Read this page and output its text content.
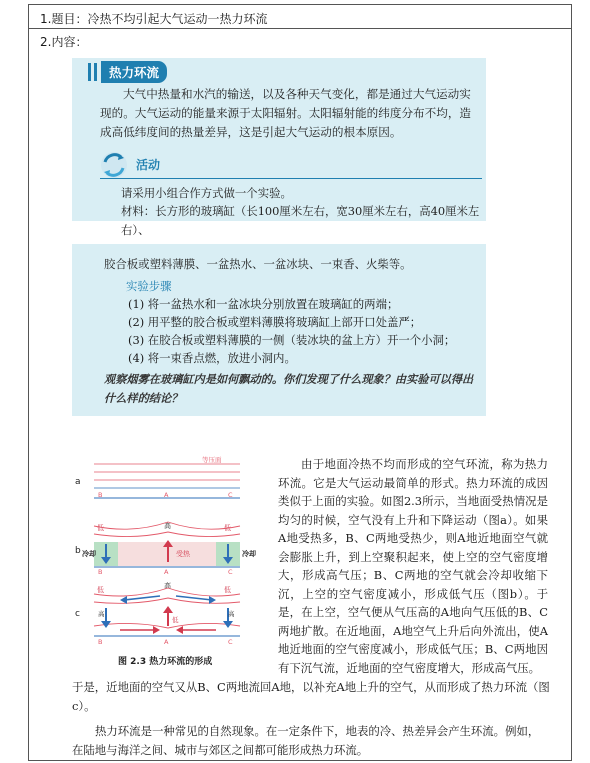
1.题目：冷热不均引起大气运动一热力环流
2.内容：
热力环流
大气中热量和水汽的输送，以及各种天气变化，都是通过大气运动实现的。大气运动的能量来源于太阳辐射。太阳辐射能的纬度分布不均，造成高低纬度间的热量差异，这是引起大气运动的根本原因。
活动
请采用小组合作方式做一个实验。
材料：长方形的玻璃缸（长100厘米左右，宽30厘米左右，高40厘米左右）、
胶合板或塑料薄膜、一盆热水、一盆冰块、一束香、火柴等。
实验步骤
(1) 将一盆热水和一盆冰块分别放置在玻璃缸的两端；
(2) 用平整的胶合板或塑料薄膜将玻璃缸上部开口处盖严；
(3) 在胶合板或塑料薄膜的一侧（装冰块的盆上方）开一个小洞；
(4) 将一束香点燃，放进小洞内。
观察烟雾在玻璃缸内是如何飘动的。你们发现了什么现象？由实验可以得出什么样的结论？
a
等压面
B	A	C
b
低	高	低
冷却	受热	冷却
B	A	C
c
低	高	低
高	高
低
B	A	C
图 2.3 热力环流的形成
由于地面冷热不均而形成的空气环流，称为热力环流。它是大气运动最简单的形式。热力环流的成因类似于上面的实验。如图2.3所示，当地面受热情况是均匀的时候，空气没有上升和下降运动（图a）。如果A地受热多，B、C两地受热少，则A地近地面空气就会膨胀上升，到上空聚积起来，使上空的空气密度增大，形成高气压；B、C两地的空气就会冷却收缩下沉，上空的空气密度减小，形成低气压（图b）。于是，在上空，空气便从气压高的A地向气压低的B、C两地扩散。在近地面，A地空气上升后向外流出，使A地近地面的空气密度减小，形成低气压；B、C两地因有下沉气流，近地面的空气密度增大，形成高气压。
于是，近地面的空气又从B、C两地流回A地，以补充A地上升的空气，从而形成了热力环流（图c）。
热力环流是一种常见的自然现象。在一定条件下，地表的冷、热差异会产生环流。例如，在陆地与海洋之间、城市与郊区之间都可能形成热力环流。
